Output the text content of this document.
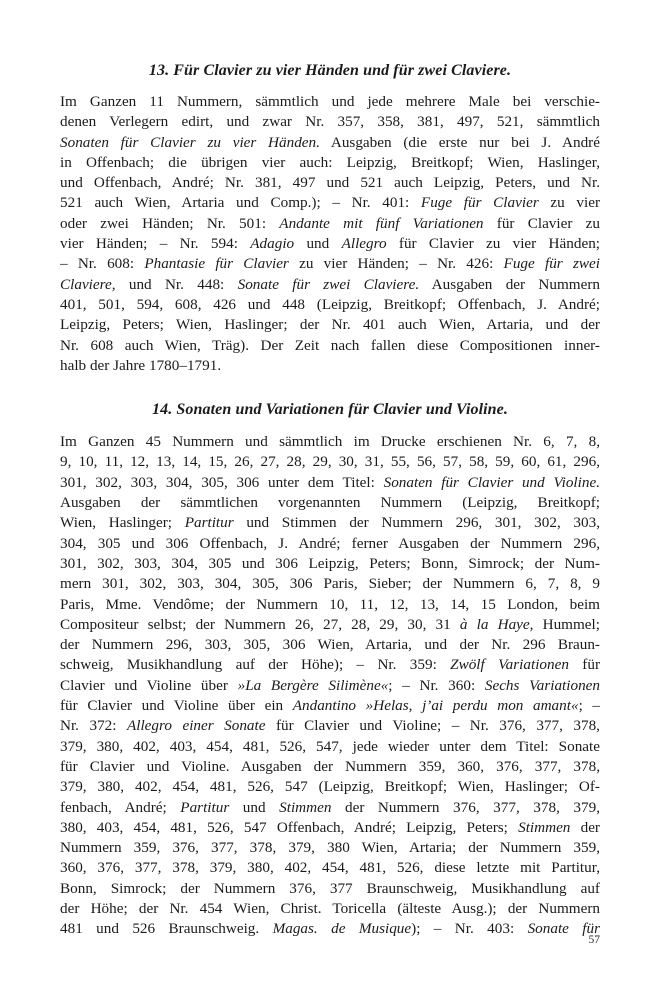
13. Für Clavier zu vier Händen und für zwei Claviere.
Im Ganzen 11 Nummern, sämmtlich und jede mehrere Male bei verschie-
denen Verlegern edirt, und zwar Nr. 357, 358, 381, 497, 521, sämmtlich
Sonaten für Clavier zu vier Händen. Ausgaben (die erste nur bei J. André
in Offenbach; die übrigen vier auch: Leipzig, Breitkopf; Wien, Haslinger,
und Offenbach, André; Nr. 381, 497 und 521 auch Leipzig, Peters, und Nr.
521 auch Wien, Artaria und Comp.); – Nr. 401: Fuge für Clavier zu vier
oder zwei Händen; Nr. 501: Andante mit fünf Variationen für Clavier zu
vier Händen; – Nr. 594: Adagio und Allegro für Clavier zu vier Händen;
– Nr. 608: Phantasie für Clavier zu vier Händen; – Nr. 426: Fuge für zwei
Claviere, und Nr. 448: Sonate für zwei Claviere. Ausgaben der Nummern
401, 501, 594, 608, 426 und 448 (Leipzig, Breitkopf; Offenbach, J. André;
Leipzig, Peters; Wien, Haslinger; der Nr. 401 auch Wien, Artaria, und der
Nr. 608 auch Wien, Träg). Der Zeit nach fallen diese Compositionen inner-
halb der Jahre 1780–1791.
14. Sonaten und Variationen für Clavier und Violine.
Im Ganzen 45 Nummern und sämmtlich im Drucke erschienen Nr. 6, 7, 8,
9, 10, 11, 12, 13, 14, 15, 26, 27, 28, 29, 30, 31, 55, 56, 57, 58, 59, 60, 61, 296,
301, 302, 303, 304, 305, 306 unter dem Titel: Sonaten für Clavier und Violine.
Ausgaben der sämmtlichen vorgenannten Nummern (Leipzig, Breitkopf;
Wien, Haslinger; Partitur und Stimmen der Nummern 296, 301, 302, 303,
304, 305 und 306 Offenbach, J. André; ferner Ausgaben der Nummern 296,
301, 302, 303, 304, 305 und 306 Leipzig, Peters; Bonn, Simrock; der Num-
mern 301, 302, 303, 304, 305, 306 Paris, Sieber; der Nummern 6, 7, 8, 9
Paris, Mme. Vendôme; der Nummern 10, 11, 12, 13, 14, 15 London, beim
Compositeur selbst; der Nummern 26, 27, 28, 29, 30, 31 à la Haye, Hummel;
der Nummern 296, 303, 305, 306 Wien, Artaria, und der Nr. 296 Braun-
schweig, Musikhandlung auf der Höhe); – Nr. 359: Zwölf Variationen für
Clavier und Violine über »La Bergère Silimène«; – Nr. 360: Sechs Variationen
für Clavier und Violine über ein Andantino »Helas, j’ai perdu mon amant«; –
Nr. 372: Allegro einer Sonate für Clavier und Violine; – Nr. 376, 377, 378,
379, 380, 402, 403, 454, 481, 526, 547, jede wieder unter dem Titel: Sonate
für Clavier und Violine. Ausgaben der Nummern 359, 360, 376, 377, 378,
379, 380, 402, 454, 481, 526, 547 (Leipzig, Breitkopf; Wien, Haslinger; Of-
fenbach, André; Partitur und Stimmen der Nummern 376, 377, 378, 379,
380, 403, 454, 481, 526, 547 Offenbach, André; Leipzig, Peters; Stimmen der
Nummern 359, 376, 377, 378, 379, 380 Wien, Artaria; der Nummern 359,
360, 376, 377, 378, 379, 380, 402, 454, 481, 526, diese letzte mit Partitur,
Bonn, Simrock; der Nummern 376, 377 Braunschweig, Musikhandlung auf
der Höhe; der Nr. 454 Wien, Christ. Toricella (älteste Ausg.); der Nummern
481 und 526 Braunschweig. Magas. de Musique); – Nr. 403: Sonate für
57
